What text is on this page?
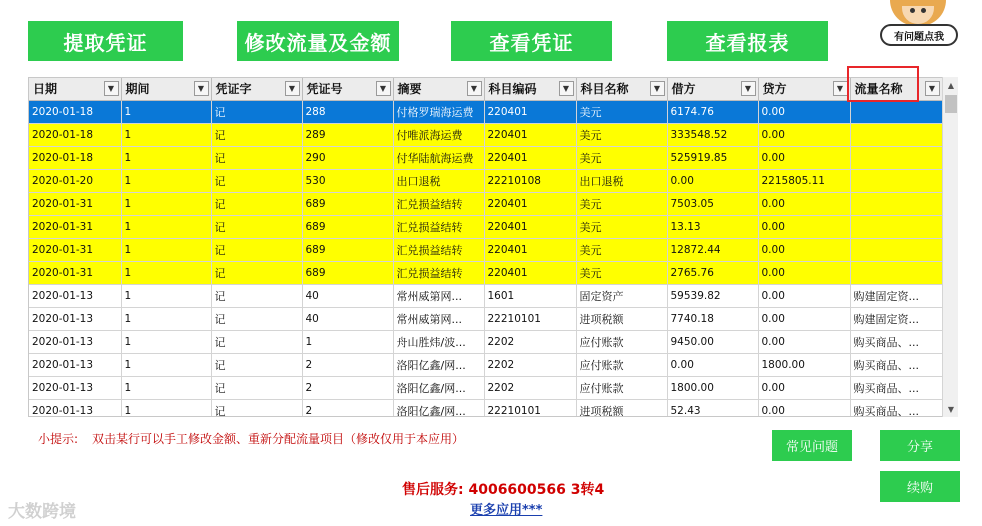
提取凭证	修改流量及金额	查看凭证	查看报表	有问题点我
日期 ▼	期间 ▼	凭证字 ▼	凭证号 ▼	摘要 ▼	科目编码 ▼	科目名称 ▼	借方 ▼	贷方 ▼	流量名称 ▼

2020-01-18	1	记	288	付格罗瑞海运费	220401	美元	6174.76	0.00	
2020-01-18	1	记	289	付唯派海运费	220401	美元	333548.52	0.00	
2020-01-18	1	记	290	付华陆航海运费	220401	美元	525919.85	0.00	
2020-01-20	1	记	530	出口退税	22210108	出口退税	0.00	2215805.11	
2020-01-31	1	记	689	汇兑损益结转	220401	美元	7503.05	0.00	
2020-01-31	1	记	689	汇兑损益结转	220401	美元	13.13	0.00	
2020-01-31	1	记	689	汇兑损益结转	220401	美元	12872.44	0.00	
2020-01-31	1	记	689	汇兑损益结转	220401	美元	2765.76	0.00	
2020-01-13	1	记	40	常州威第网...	1601	固定资产	59539.82	0.00	购建固定资...
2020-01-13	1	记	40	常州威第网...	22210101	进项税额	7740.18	0.00	购建固定资...
2020-01-13	1	记	1	舟山胜炜/波...	2202	应付账款	9450.00	0.00	购买商品、...
2020-01-13	1	记	2	洛阳亿鑫/网...	2202	应付账款	0.00	1800.00	购买商品、...
2020-01-13	1	记	2	洛阳亿鑫/网...	2202	应付账款	1800.00	0.00	购买商品、...
2020-01-13	1	记	2	洛阳亿鑫/网...	22210101	进项税额	52.43	0.00	购买商品、...
▲
▼
小提示: 双击某行可以手工修改金额、重新分配流量项目（修改仅用于本应用）
常见问题	分享
续购
售后服务: 4006600566 3转4
更多应用***
大数跨境
